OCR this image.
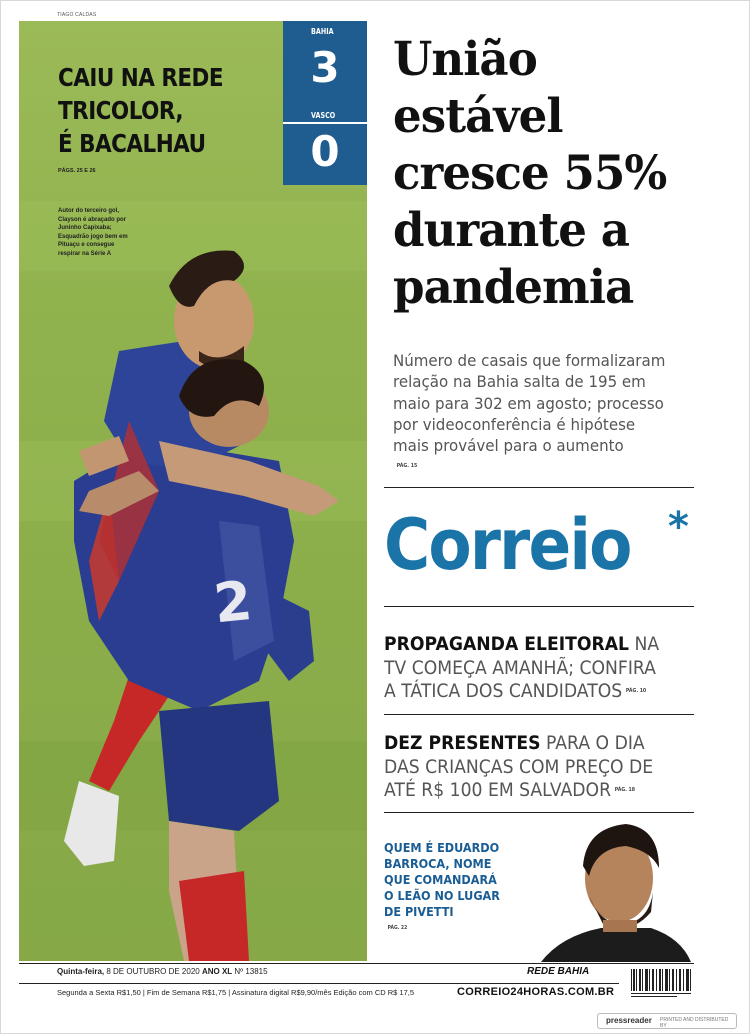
TIAGO CALDAS
2
CAIU NA REDE
TRICOLOR,
É BACALHAU
PÁGS. 25 E 26
Autor do terceiro gol,
Clayson é abraçado por
Juninho Capixaba;
Esquadrão jogo bem em
Pituaçu e consegue
respirar na Série A
BAHIA
3
VASCO
0
União
estável
cresce 55%
durante a
pandemia
Número de casais que formalizaram
relação na Bahia salta de 195 em
maio para 302 em agosto; processo
por videoconferência é hipótese
mais provável para o aumento
PÁG. 15
Correio *
PROPAGANDA ELEITORAL NA
TV COMEÇA AMANHÃ; CONFIRA
A TÁTICA DOS CANDIDATOS PÁG. 10
DEZ PRESENTES PARA O DIA
DAS CRIANÇAS COM PREÇO DE
ATÉ R$ 100 EM SALVADOR PÁG. 18
QUEM É EDUARDO
BARROCA, NOME
QUE COMANDARÁ
O LEÃO NO LUGAR
DE PIVETTI
PÁG. 22
Quinta-feira, 8 DE OUTUBRO DE 2020 ANO XL Nº 13815	REDE BAHIA
Segunda a Sexta R$1,50 | Fim de Semana R$1,75 | Assinatura digital R$9,90/mês Edição com CD R$ 17,5	CORREIO24HORAS.COM.BR
pressreader PRINTED AND DISTRIBUTED BY
